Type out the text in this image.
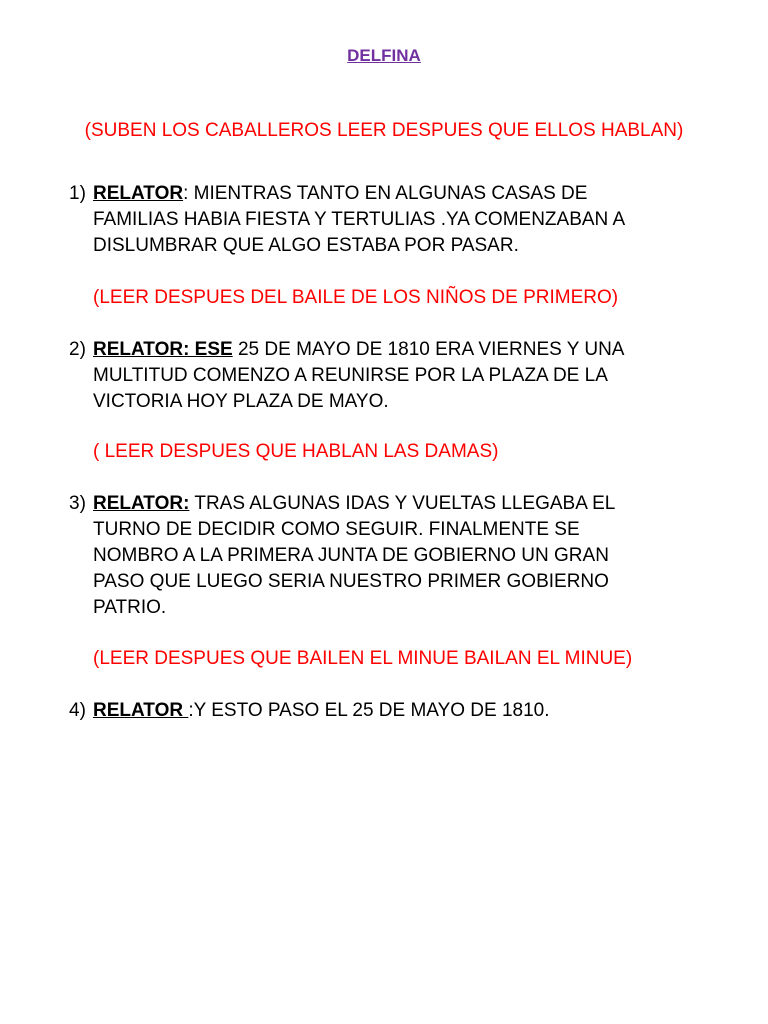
DELFINA
(SUBEN LOS CABALLEROS LEER DESPUES QUE ELLOS HABLAN)
1) RELATOR: MIENTRAS TANTO EN ALGUNAS CASAS DE
FAMILIAS HABIA FIESTA Y TERTULIAS .YA COMENZABAN A
DISLUMBRAR QUE ALGO ESTABA POR PASAR.
(LEER DESPUES DEL BAILE DE LOS NIÑOS DE PRIMERO)
2) RELATOR: ESE 25 DE MAYO DE 1810 ERA VIERNES Y UNA
MULTITUD COMENZO A REUNIRSE POR LA PLAZA DE LA
VICTORIA HOY PLAZA DE MAYO.
( LEER DESPUES QUE HABLAN LAS DAMAS)
3) RELATOR: TRAS ALGUNAS IDAS Y VUELTAS LLEGABA EL
TURNO DE DECIDIR COMO SEGUIR. FINALMENTE SE
NOMBRO A LA PRIMERA JUNTA DE GOBIERNO UN GRAN
PASO QUE LUEGO SERIA NUESTRO PRIMER GOBIERNO
PATRIO.
(LEER DESPUES QUE BAILEN EL MINUE BAILAN EL MINUE)
4) RELATOR :Y ESTO PASO EL 25 DE MAYO DE 1810.
